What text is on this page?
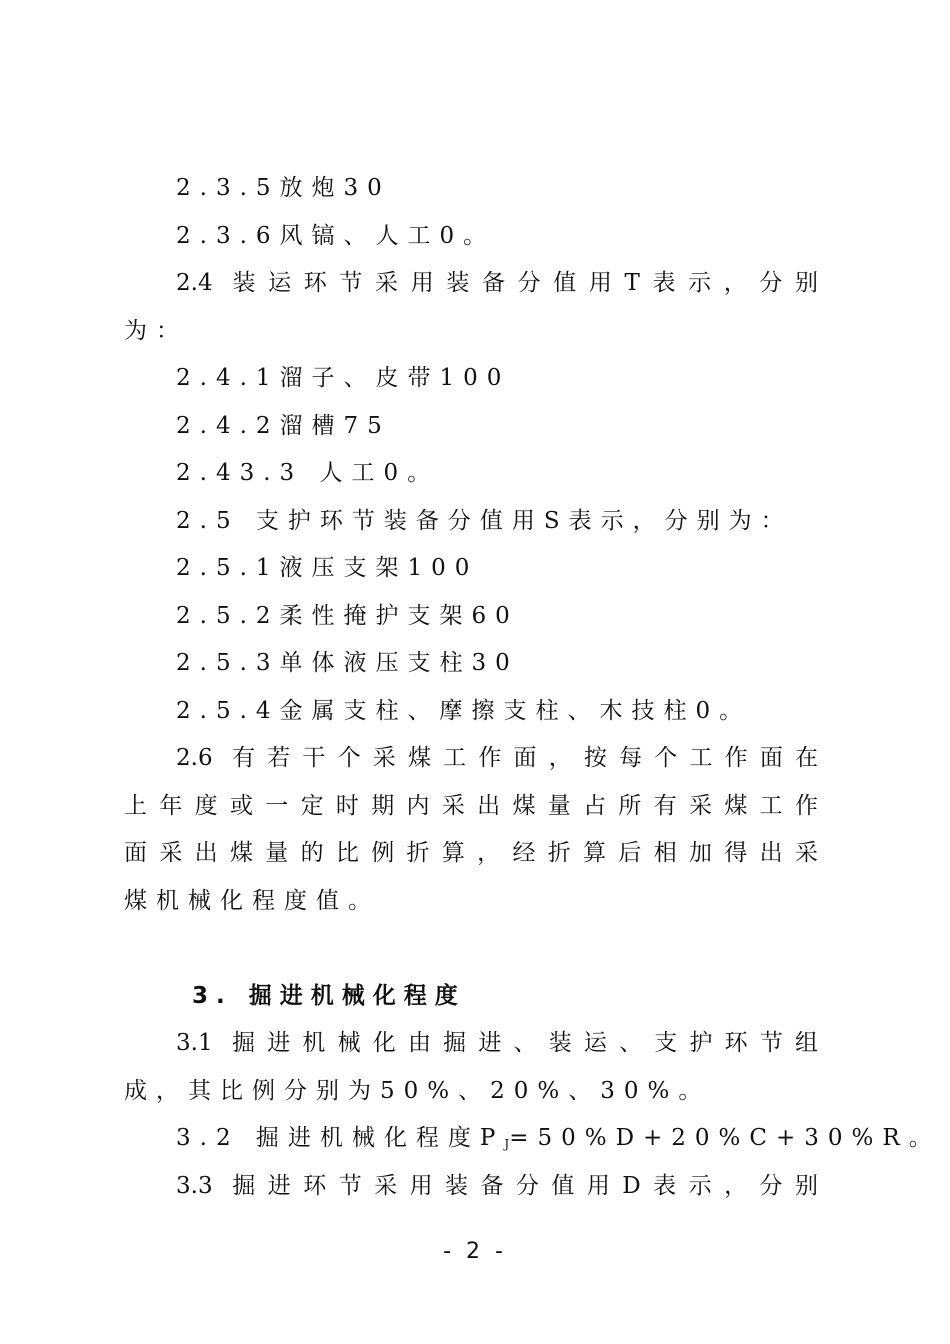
2.3.5放炮30
2.3.6风镐、人工0。
2.4 装运环节采用装备分值用T表示，分别
为：
2.4.1溜子、皮带100
2.4.2溜槽75
2.43.3 人工0。
2.5 支护环节装备分值用S表示，分别为：
2.5.1液压支架100
2.5.2柔性掩护支架60
2.5.3单体液压支柱30
2.5.4金属支柱、摩擦支柱、木技柱0。
2.6 有若干个采煤工作面，按每个工作面在
上年度或一定时期内采出煤量占所有采煤工作
面采出煤量的比例折算，经折算后相加得出采
煤机械化程度值。
3. 掘进机械化程度
3.1 掘进机械化由掘进、装运、支护环节组
成，其比例分别为50%、20%、30%。
3.2 掘进机械化程度$P_J=50\%D+20\%C+30\%R$。
3.3 掘进环节采用装备分值用D表示，分别
- 2 -
